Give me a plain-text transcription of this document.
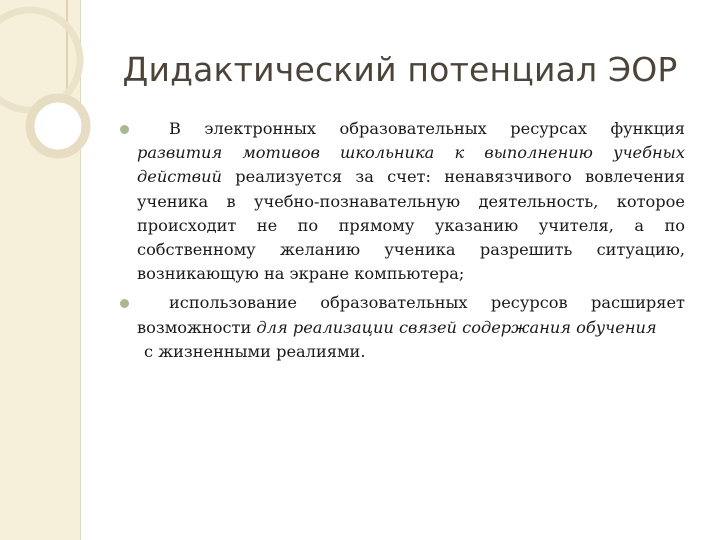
Дидактический потенциал ЭОР

В электронных образовательных ресурсах функция развития мотивов школьника к выполнению учебных действий реализуется за счет: ненавязчивого вовлечения ученика в учебно-познавательную деятельность, которое происходит не по прямому указанию учителя, а по собственному желанию ученика разрешить ситуацию, возникающую на экране компьютера;

использование образовательных ресурсов расширяет возможности для реализации связей содержания обучения
с жизненными реалиями.
